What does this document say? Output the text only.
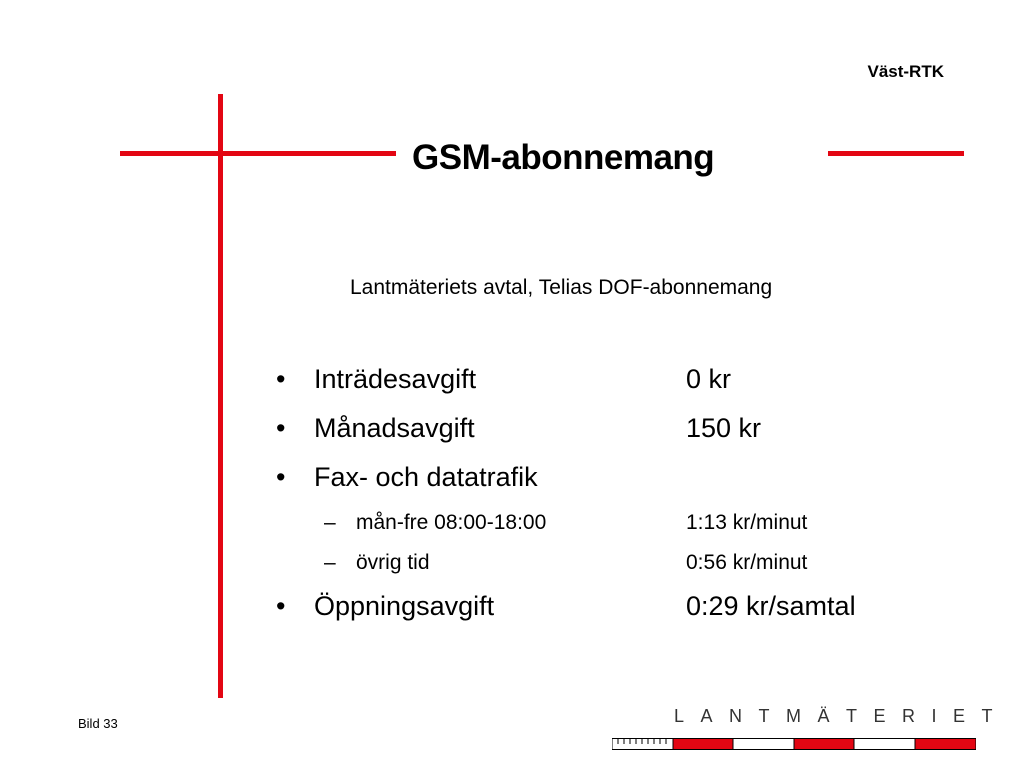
Väst-RTK
GSM-abonnemang
Lantmäteriets avtal, Telias DOF-abonnemang
• Inträdesavgift	0 kr
• Månadsavgift	150 kr
• Fax- och datatrafik
– mån-fre 08:00-18:00	1:13 kr/minut
– övrig tid	0:56 kr/minut
• Öppningsavgift	0:29 kr/samtal
Bild 33	LANTMÄTERIET
